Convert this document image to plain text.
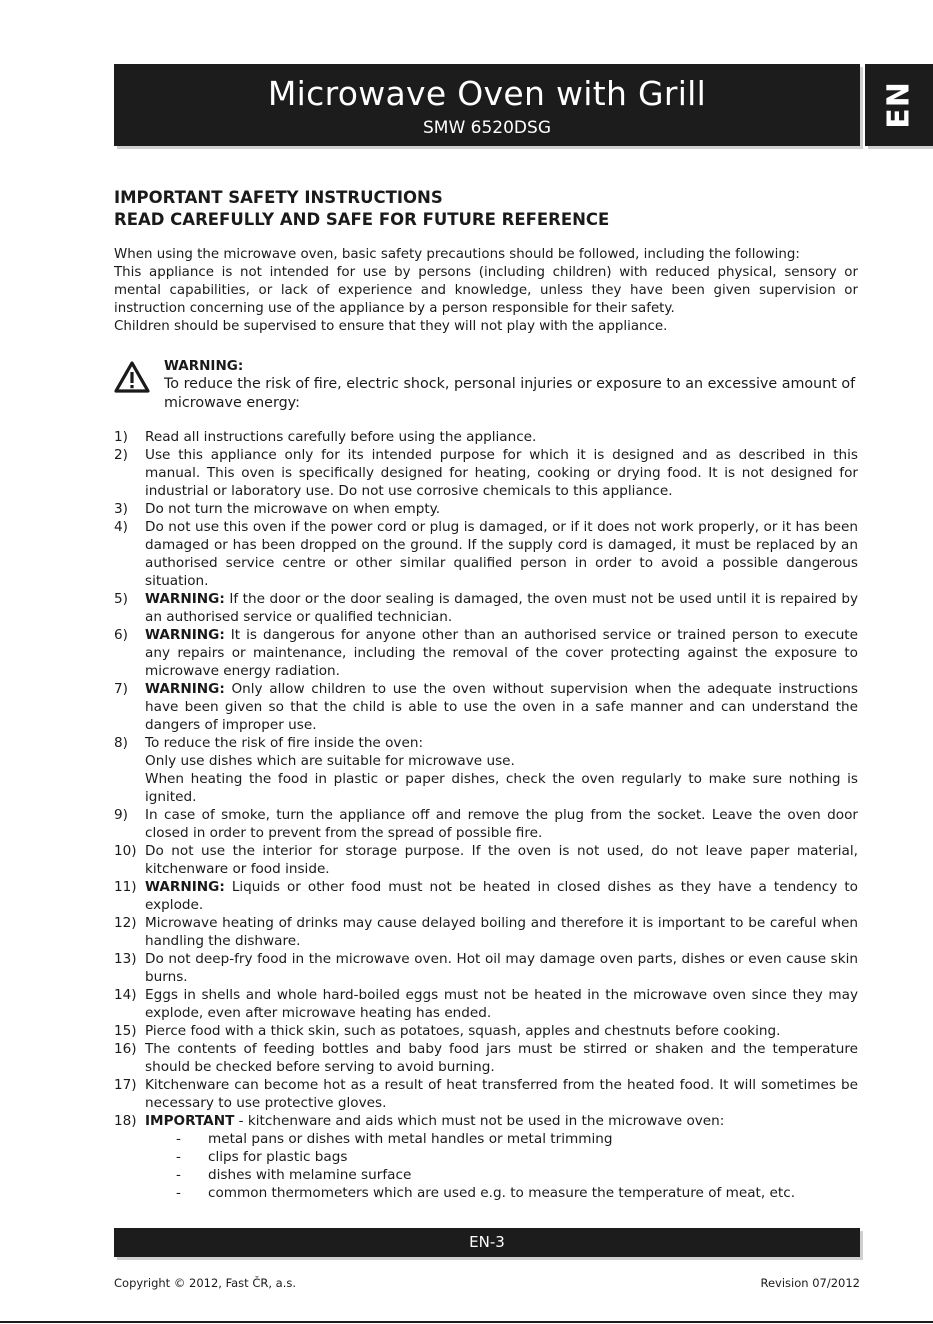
Microwave Oven with Grill
SMW 6520DSG	EN
IMPORTANT SAFETY INSTRUCTIONS
READ CAREFULLY AND SAFE FOR FUTURE REFERENCE

When using the microwave oven, basic safety precautions should be followed, including the following:

This appliance is not intended for use by persons (including children) with reduced physical, sensory or mental capabilities, or lack of experience and knowledge, unless they have been given supervision or instruction concerning use of the appliance by a person responsible for their safety.

Children should be supervised to ensure that they will not play with the appliance.

WARNING:
To reduce the risk of fire, electric shock, personal injuries or exposure to an excessive amount of microwave energy:
1) Read all instructions carefully before using the appliance.
2) Use this appliance only for its intended purpose for which it is designed and as described in this manual. This oven is specifically designed for heating, cooking or drying food. It is not designed for industrial or laboratory use. Do not use corrosive chemicals to this appliance.
3) Do not turn the microwave on when empty.
4) Do not use this oven if the power cord or plug is damaged, or if it does not work properly, or it has been damaged or has been dropped on the ground. If the supply cord is damaged, it must be replaced by an authorised service centre or other similar qualified person in order to avoid a possible dangerous situation.
5) WARNING: If the door or the door sealing is damaged, the oven must not be used until it is repaired by an authorised service or qualified technician.
6) WARNING: It is dangerous for anyone other than an authorised service or trained person to execute any repairs or maintenance, including the removal of the cover protecting against the exposure to microwave energy radiation.
7) WARNING: Only allow children to use the oven without supervision when the adequate instructions have been given so that the child is able to use the oven in a safe manner and can understand the dangers of improper use.
8) To reduce the risk of fire inside the oven:
Only use dishes which are suitable for microwave use.
When heating the food in plastic or paper dishes, check the oven regularly to make sure nothing is ignited.
9) In case of smoke, turn the appliance off and remove the plug from the socket. Leave the oven door closed in order to prevent from the spread of possible fire.
10) Do not use the interior for storage purpose. If the oven is not used, do not leave paper material, kitchenware or food inside.
11) WARNING: Liquids or other food must not be heated in closed dishes as they have a tendency to explode.
12) Microwave heating of drinks may cause delayed boiling and therefore it is important to be careful when handling the dishware.
13) Do not deep-fry food in the microwave oven. Hot oil may damage oven parts, dishes or even cause skin burns.
14) Eggs in shells and whole hard-boiled eggs must not be heated in the microwave oven since they may explode, even after microwave heating has ended.
15) Pierce food with a thick skin, such as potatoes, squash, apples and chestnuts before cooking.
16) The contents of feeding bottles and baby food jars must be stirred or shaken and the temperature should be checked before serving to avoid burning.
17) Kitchenware can become hot as a result of heat transferred from the heated food. It will sometimes be necessary to use protective gloves.
18) IMPORTANT - kitchenware and aids which must not be used in the microwave oven:
- metal pans or dishes with metal handles or metal trimming
- clips for plastic bags
- dishes with melamine surface
- common thermometers which are used e.g. to measure the temperature of meat, etc.
EN-3
Copyright © 2012, Fast ČR, a.s.	Revision 07/2012
